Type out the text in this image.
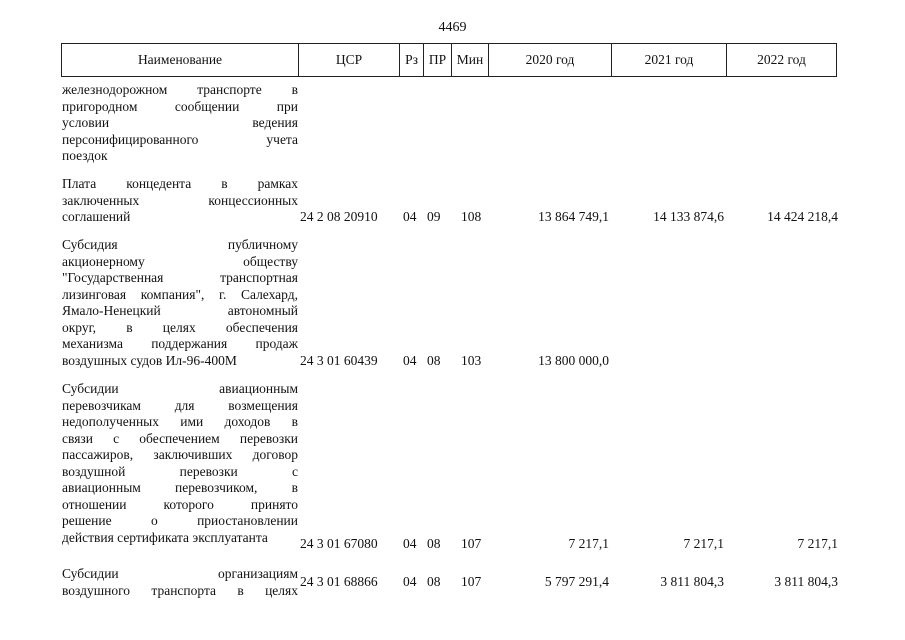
4469
Наименование	ЦСР	Рз ПР Мин	2020 год	2021 год	2022 год
железнодорожном транспорте в
пригородном сообщении при
условии ведения
персонифицированного учета
поездок
Плата концедента в рамках
заключенных концессионных
соглашений	24 2 08 20910 04 09 108	13 864 749,1	14 133 874,6	14 424 218,4
Субсидия публичному
акционерному обществу
"Государственная транспортная
лизинговая компания", г. Салехард,
Ямало-Ненецкий автономный
округ, в целях обеспечения
механизма поддержания продаж
воздушных судов Ил-96-400М	24 3 01 60439 04 08 103	13 800 000,0
Субсидии авиационным
перевозчикам для возмещения
недополученных ими доходов в
связи с обеспечением перевозки
пассажиров, заключивших договор
воздушной перевозки с
авиационным перевозчиком, в
отношении которого принято
решение о приостановлении
действия сертификата эксплуатанта	24 3 01 67080 04 08 107	7 217,1	7 217,1	7 217,1
Субсидии организациям
воздушного транспорта в целях
24 3 01 68866 04 08 107	5 797 291,4	3 811 804,3	3 811 804,3
